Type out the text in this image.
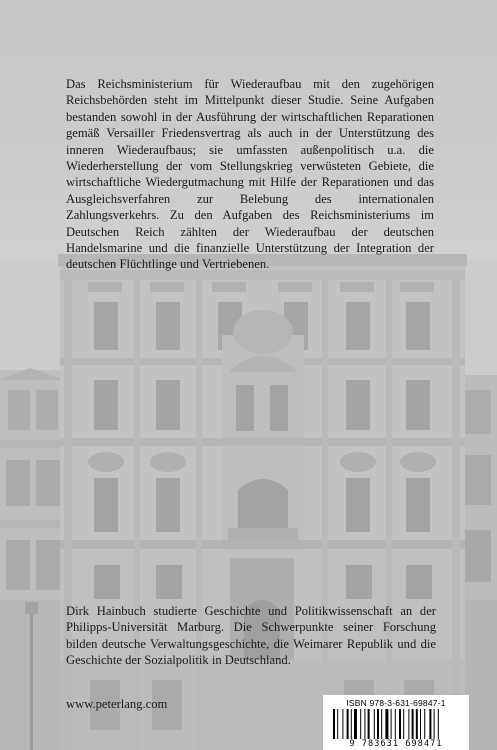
Das Reichsministerium für Wiederaufbau mit den zugehörigen Reichsbehörden steht im Mittelpunkt dieser Studie. Seine Aufgaben bestanden sowohl in der Ausführung der wirtschaftlichen Reparationen gemäß Versailler Friedensvertrag als auch in der Unterstützung des inneren Wiederaufbaus; sie umfassten außenpolitisch u.a. die Wiederherstellung der vom Stellungskrieg verwüsteten Gebiete, die wirtschaftliche Wiedergutmachung mit Hilfe der Reparationen und das Ausgleichsverfahren zur Belebung des internationalen Zahlungsverkehrs. Zu den Aufgaben des Reichsministeriums im Deutschen Reich zählten der Wiederaufbau der deutschen Handelsmarine und die finanzielle Unterstützung der Integration der deutschen Flüchtlinge und Vertriebenen.

Dirk Hainbuch studierte Geschichte und Politikwissenschaft an der Philipps-Universität Marburg. Die Schwerpunkte seiner Forschung bilden deutsche Verwaltungsgeschichte, die Weimarer Republik und die Geschichte der Sozialpolitik in Deutschland.

www.peterlang.com	ISBN 978-3-631-69847-1
9 783631 698471
